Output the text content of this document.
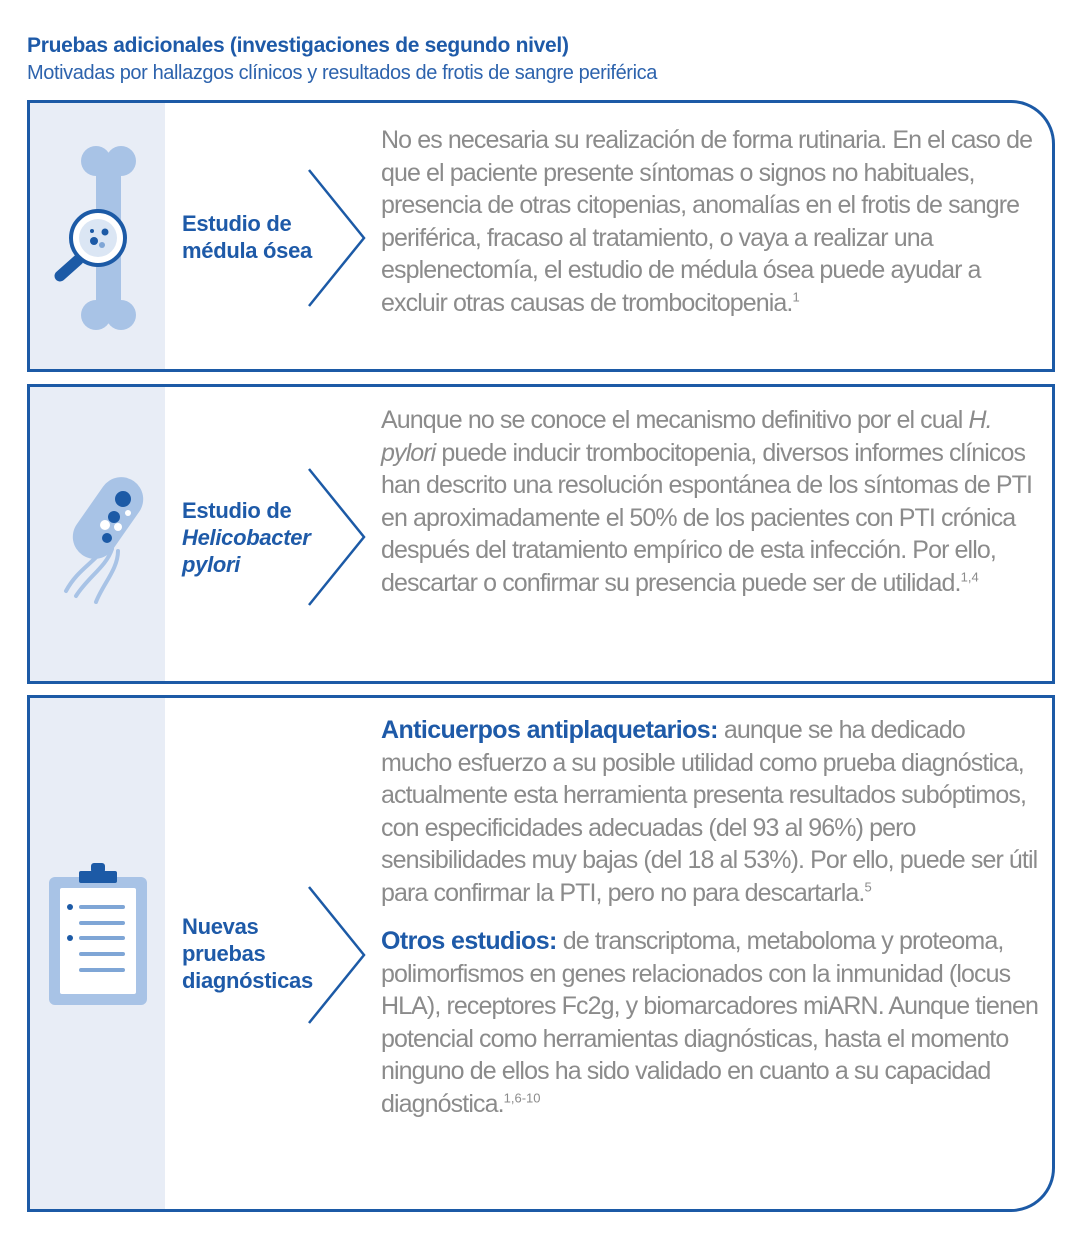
Pruebas adicionales (investigaciones de segundo nivel)
Motivadas por hallazgos clínicos y resultados de frotis de sangre periférica
Estudio de
médula ósea
No es necesaria su realización de forma rutinaria. En el caso de que el paciente presente síntomas o signos no habituales, presencia de otras citopenias, anomalías en el frotis de sangre periférica, fracaso al tratamiento, o vaya a realizar una esplenectomía, el estudio de médula ósea puede ayudar a excluir otras causas de trombocitopenia.$^1$
Estudio de
Helicobacter
pylori
Aunque no se conoce el mecanismo definitivo por el cual H. pylori puede inducir trombocitopenia, diversos informes clínicos han descrito una resolución espontánea de los síntomas de PTI en aproximadamente el 50% de los pacientes con PTI crónica después del tratamiento empírico de esta infección. Por ello, descartar o confirmar su presencia puede ser de utilidad.$^{1,4}$
Nuevas
pruebas
diagnósticas

Anticuerpos antiplaquetarios: aunque se ha dedicado mucho esfuerzo a su posible utilidad como prueba diagnóstica, actualmente esta herramienta presenta resultados subóptimos, con especificidades adecuadas (del 93 al 96%) pero sensibilidades muy bajas (del 18 al 53%). Por ello, puede ser útil para confirmar la PTI, pero no para descartarla.$^5$

Otros estudios: de transcriptoma, metaboloma y proteoma, polimorfismos en genes relacionados con la inmunidad (locus HLA), receptores Fc2g, y biomarcadores miARN. Aunque tienen potencial como herramientas diagnósticas, hasta el momento ninguno de ellos ha sido validado en cuanto a su capacidad diagnóstica.$^{1,6-10}$
